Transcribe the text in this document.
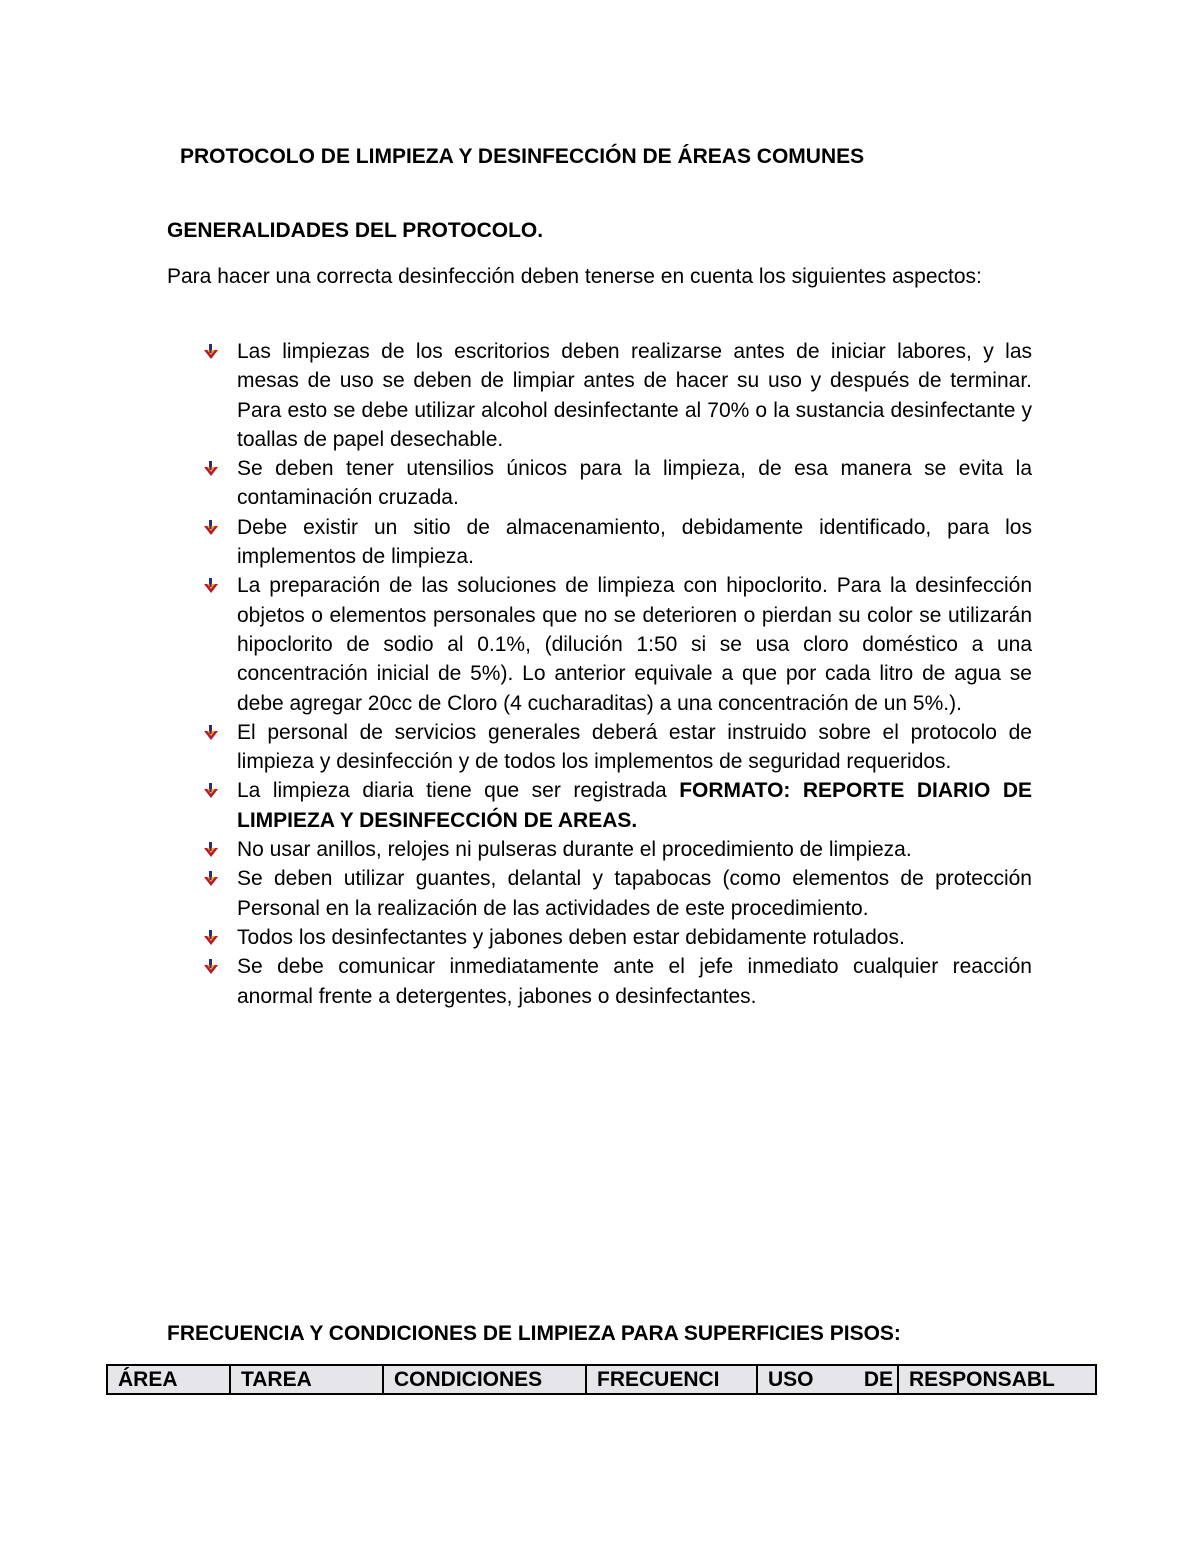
PROTOCOLO DE LIMPIEZA Y DESINFECCIÓN DE ÁREAS COMUNES
GENERALIDADES DEL PROTOCOLO.

Para hacer una correcta desinfección deben tenerse en cuenta los siguientes aspectos:

Las limpiezas de los escritorios deben realizarse antes de iniciar labores, y las mesas de uso se deben de limpiar antes de hacer su uso y después de terminar. Para esto se debe utilizar alcohol desinfectante al 70% o la sustancia desinfectante y toallas de papel desechable.
Se deben tener utensilios únicos para la limpieza, de esa manera se evita la contaminación cruzada.
Debe existir un sitio de almacenamiento, debidamente identificado, para los implementos de limpieza.
La preparación de las soluciones de limpieza con hipoclorito. Para la desinfección objetos o elementos personales que no se deterioren o pierdan su color se utilizarán hipoclorito de sodio al 0.1%, (dilución 1:50 si se usa cloro doméstico a una concentración inicial de 5%). Lo anterior equivale a que por cada litro de agua se debe agregar 20cc de Cloro (4 cucharaditas) a una concentración de un 5%.).
El personal de servicios generales deberá estar instruido sobre el protocolo de limpieza y desinfección y de todos los implementos de seguridad requeridos.
La limpieza diaria tiene que ser registrada FORMATO: REPORTE DIARIO DE LIMPIEZA Y DESINFECCIÓN DE AREAS.
No usar anillos, relojes ni pulseras durante el procedimiento de limpieza.
Se deben utilizar guantes, delantal y tapabocas (como elementos de protección Personal en la realización de las actividades de este procedimiento.
Todos los desinfectantes y jabones deben estar debidamente rotulados.
Se debe comunicar inmediatamente ante el jefe inmediato cualquier reacción anormal frente a detergentes, jabones o desinfectantes.
FRECUENCIA Y CONDICIONES DE LIMPIEZA PARA SUPERFICIES PISOS:
ÁREA	TAREA	CONDICIONES	FRECUENCI	USO DE	RESPONSABL
